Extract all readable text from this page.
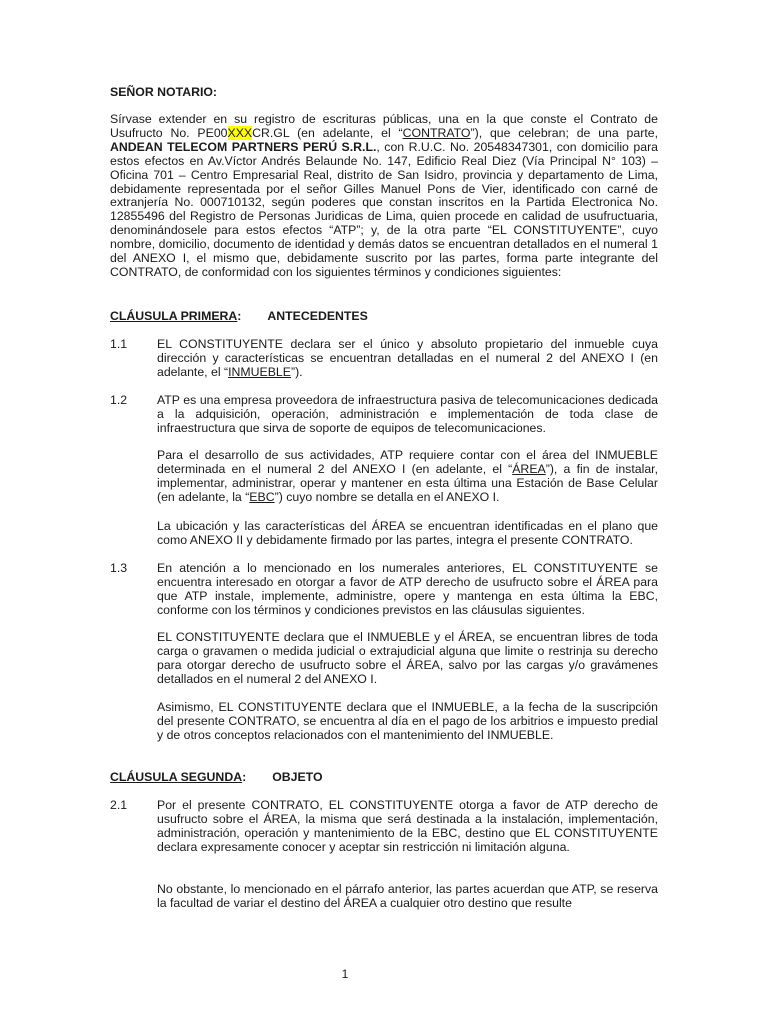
SEÑOR NOTARIO:

Sírvase extender en su registro de escrituras públicas, una en la que conste el Contrato de Usufructo No. PE00XXXCR.GL (en adelante, el “CONTRATO”), que celebran; de una parte, ANDEAN TELECOM PARTNERS PERÚ S.R.L., con R.U.C. No. 20548347301, con domicilio para estos efectos en Av.Víctor Andrés Belaunde No. 147, Edificio Real Diez (Vía Principal N° 103) – Oficina 701 – Centro Empresarial Real, distrito de San Isidro, provincia y departamento de Lima, debidamente representada por el señor Gilles Manuel Pons de Vier, identificado con carné de extranjería No. 000710132, según poderes que constan inscritos en la Partida Electronica No. 12855496 del Registro de Personas Juridicas de Lima, quien procede en calidad de usufructuaria, denominándosele para estos efectos “ATP”; y, de la otra parte “EL CONSTITUYENTE”, cuyo nombre, domicilio, documento de identidad y demás datos se encuentran detallados en el numeral 1 del ANEXO I, el mismo que, debidamente suscrito por las partes, forma parte integrante del CONTRATO, de conformidad con los siguientes términos y condiciones siguientes:

CLÁUSULA PRIMERA: ANTECEDENTES

1.1 EL CONSTITUYENTE declara ser el único y absoluto propietario del inmueble cuya dirección y características se encuentran detalladas en el numeral 2 del ANEXO I (en adelante, el “INMUEBLE”).

1.2 ATP es una empresa proveedora de infraestructura pasiva de telecomunicaciones dedicada a la adquisición, operación, administración e implementación de toda clase de infraestructura que sirva de soporte de equipos de telecomunicaciones.

Para el desarrollo de sus actividades, ATP requiere contar con el área del INMUEBLE determinada en el numeral 2 del ANEXO I (en adelante, el “ÁREA”), a fin de instalar, implementar, administrar, operar y mantener en esta última una Estación de Base Celular (en adelante, la “EBC”) cuyo nombre se detalla en el ANEXO I.

La ubicación y las características del ÁREA se encuentran identificadas en el plano que como ANEXO II y debidamente firmado por las partes, integra el presente CONTRATO.

1.3 En atención a lo mencionado en los numerales anteriores, EL CONSTITUYENTE se encuentra interesado en otorgar a favor de ATP derecho de usufructo sobre el ÁREA para que ATP instale, implemente, administre, opere y mantenga en esta última la EBC, conforme con los términos y condiciones previstos en las cláusulas siguientes.

EL CONSTITUYENTE declara que el INMUEBLE y el ÁREA, se encuentran libres de toda carga o gravamen o medida judicial o extrajudicial alguna que limite o restrinja su derecho para otorgar derecho de usufructo sobre el ÁREA, salvo por las cargas y/o gravámenes detallados en el numeral 2 del ANEXO I.

Asimismo, EL CONSTITUYENTE declara que el INMUEBLE, a la fecha de la suscripción del presente CONTRATO, se encuentra al día en el pago de los arbitrios e impuesto predial y de otros conceptos relacionados con el mantenimiento del INMUEBLE.

CLÁUSULA SEGUNDA: OBJETO

2.1 Por el presente CONTRATO, EL CONSTITUYENTE otorga a favor de ATP derecho de usufructo sobre el ÁREA, la misma que será destinada a la instalación, implementación, administración, operación y mantenimiento de la EBC, destino que EL CONSTITUYENTE declara expresamente conocer y aceptar sin restricción ni limitación alguna.

No obstante, lo mencionado en el párrafo anterior, las partes acuerdan que ATP, se reserva la facultad de variar el destino del ÁREA a cualquier otro destino que resulte

1
